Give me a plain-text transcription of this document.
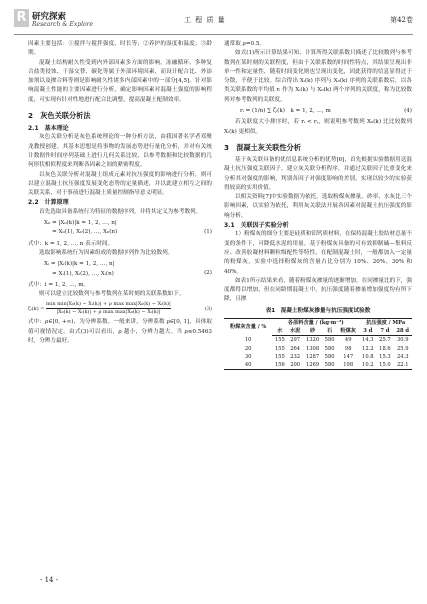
R 研究探索
Research & Explore
工 程 质 量	第42卷

因素主要包括：①搅拌与搅拌强度、时长等；②养护的湿度和温度；③龄期。

混凝土结构耐久性受到内外部因素多方面的影响。冻融循环、多种复合盐类侵蚀、干湿交替、碳化等属于外部环境因素，而设计配合比、外添加剂以及掺合料等则是影响耐久性诸多内部因素中的一部分[4,5]。针对影响混凝土性能的主要因素进行分析，确定影响因素对混凝土强度的影响程度，可实现有针对性地进行配合比调整，提高混凝土配制效率。

2　灰色关联分析法
2.1　基本理论

灰色关联分析是灰色系统理论的一种分析方法，由我国著名学者邓聚龙教授创建。其基本思想是将事物的发展态势进行量化分析，并对有关统计数据作时间序列基础上进行几何关系比较，以参考数据和比较数据的几何形状相似程度来判断各因素之间的紧密程度。

以灰色关联分析对混凝土组成元素对抗压强度的影响进行分析，则可以建立混凝土抗压强度发展变化态势的定量描述，并以此建立相互之间的关联关系，对于事前进行混凝土质量控制指导意义明显。

2.2　计算原理

首先选取具备系统行为特征的数据序列，并将其定义为参考数列。

X₀ = |X₀(k)|k = 1, 2, …, n|
= X₀(1), X₀(2), …, X₀(n)	(1)

式中：k = 1, 2, …, n 表示时间。

选取影响系统行为因素组成的数据序列作为比较数列。

Xᵢ = |Xᵢ(k)|k = 1, 2, …, n|
= Xᵢ(1), Xᵢ(2), …, Xᵢ(n)	(2)

式中：i = 1, 2, …, m。

则可以建立比较数列与参考数列在某时刻的关联系数如下。

ζᵢ(k) = $\frac{\text{min min|X₀(k) − Xᵢ(k)| + ρ max max|X₀(k) − Xᵢ(k)|}}{\text{|X₀(k) − Xᵢ(k)| + ρ max max|X₀(k) − Xᵢ(k)|}}$	(3)

式中：ρ∈[0, +∞)，为分辨系数。一般来讲，分辨系数 ρ∈[0, 1]，具体取值可视情况定。由式(3)可以看出，ρ 越小，分辨力越大。当 ρ≤0.5463 时，分辨力最好，

通常取 ρ=0.5。

如式(1)所示计算结果可知，计算所得关联系数只描述了比较数列与参考数列在某时刻的关联程度，但由于关联系数的时间性特点，其结果呈现出非单一性和定量性，随着时间变化则也呈现出变化，因此获得的信息显得过于分散，不便于比较。综合得出 Xᵢ(k) 序列与 X₀(k) 序列的关联系数后，以各类关联系数的平均值 rᵢ 作为 Xᵢ(k) 与 X₀(k) 两个序列的关联度，称为比较数列对参考数列的关联度。

rᵢ = (1/n) ∑ ζᵢ(k)　k = 1, 2, …, m	(4)

若关联度大小排序时，若 rᵢ < rⱼ，则说明参考数列 X₀(k) 比比较数列 Xᵢ(k) 更相似。

3　混凝土灰关联性分析

基于灰关联具备的优信息系统分析的优势[6]，首先根据实验数据用送混凝土抗压强度关联因子，建立灰关联分析程序，并通过关联因子比重变化来分析其对强度的影响，判别各因子对强度影响的差别，实现以较少的实验获得较高的实用价值。

以相关资料[7]中实验数据为依托，选取粉煤灰掺量、砂率、水灰比三个影响因素，以实验为依托，利用灰关联法开展各因素对混凝土抗压强度的影响分析。

3.1　关联因子实验分析

1）粉煤灰的细分主要是硅质和铝钙质材料，在保持混凝土胶结材总量不变的条件下，可降低水泥的用量。基于粉煤灰具备的可有效抑制碱—集料反应、改善胶凝材料颗粒级配性等特性，在配制混凝土时，一般都加入一定量的粉煤灰，实验中选择粉煤灰的含量占比分别为 10%、20%、30% 和 40%。

如表1所示结果来看，随着粉煤灰掺量的逐渐增加，在同掺量比的下，强度都得以增加，但在同龄期混凝土中，抗压强度随着掺量增加强度均有所下降，且掺

表1　混凝土粉煤灰掺量与抗压强度试验数
粉煤灰含量 / %	各原料含量 / (kg·m⁻³)					抗压强度 / MPa		
	水	水泥	砂	石	粉煤灰	3 d	7 d	28 d
10	155	297	1320	580	49	14.3	25.7	30.9
20	155	264	1308	580	98	12.2	18.6	25.9
30	155	232	1287	580	147	10.8	15.3	24.3
40	156	200	1269	580	198	10.2	15.0	22.1
- 14 -
